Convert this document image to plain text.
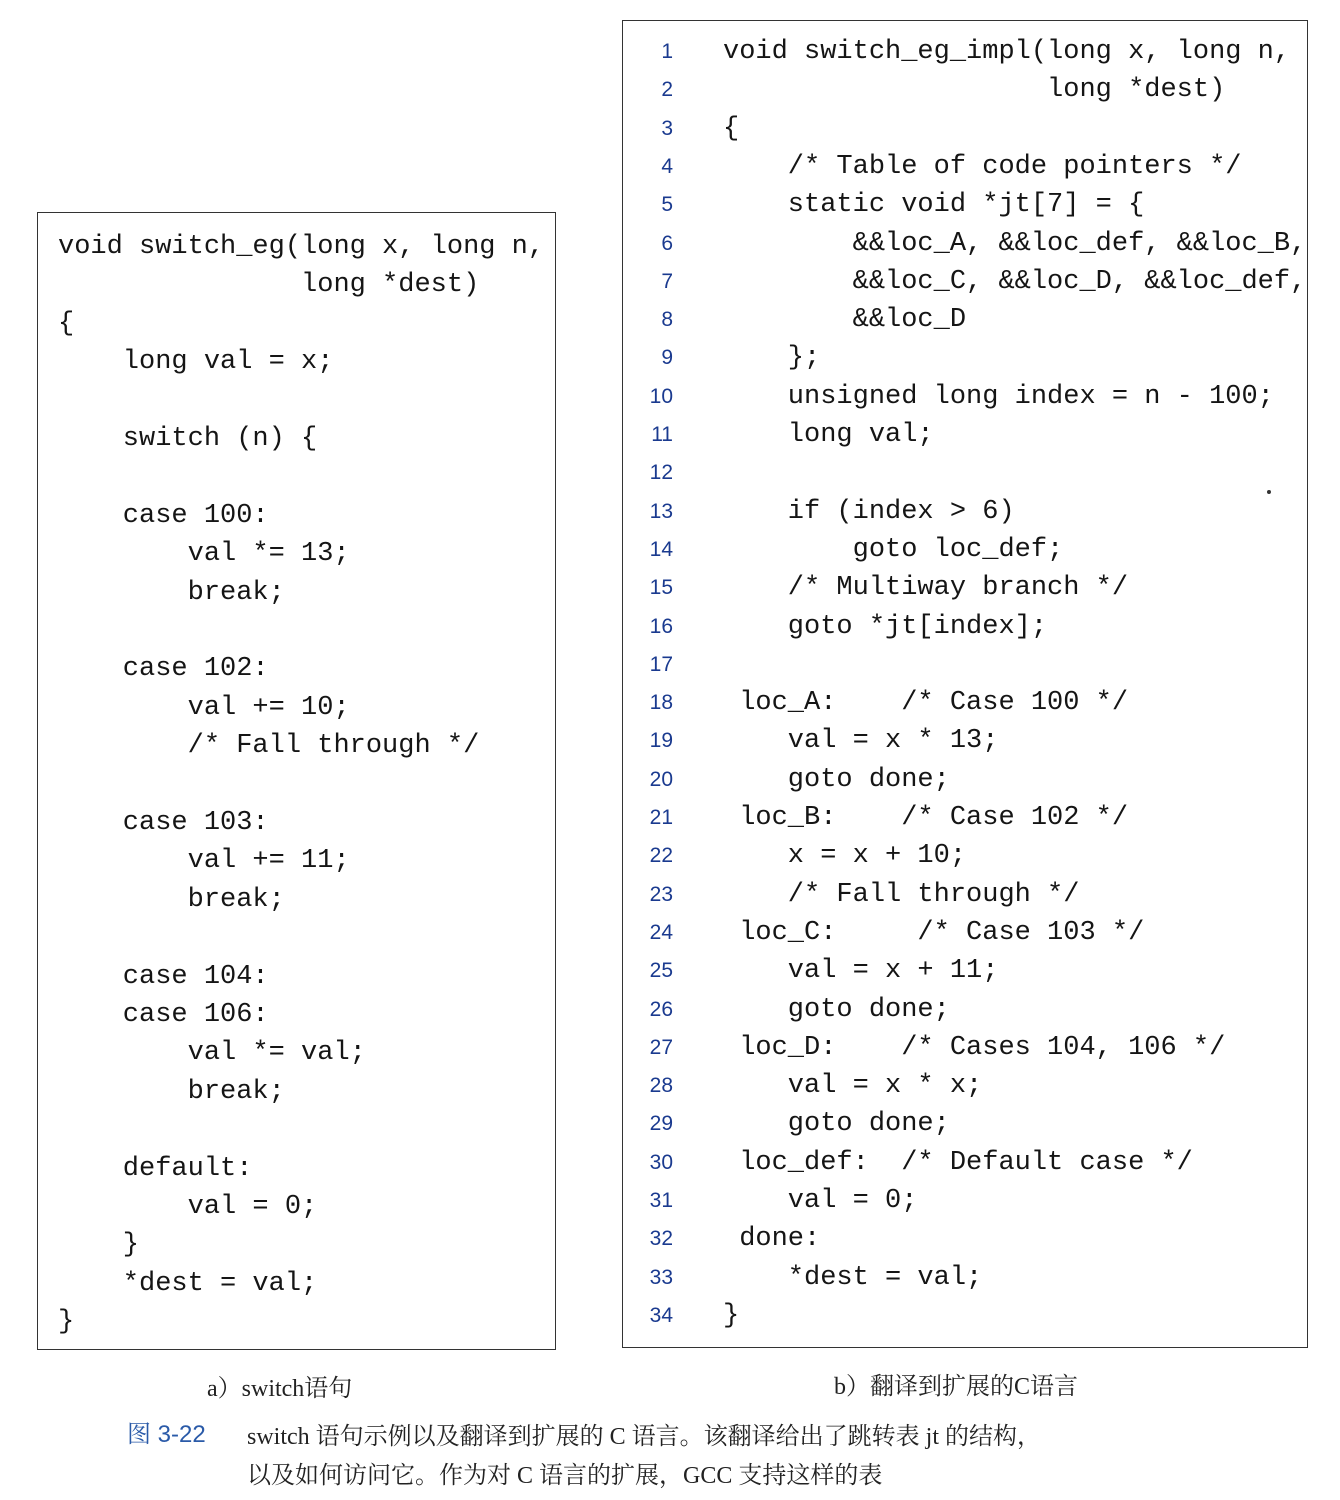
void switch_eg(long x, long n,
long *dest)
{
long val = x;
switch (n) {
case 100:
val *= 13;
break;
case 102:
val += 10;
/* Fall through */
case 103:
val += 11;
break;
case 104:
case 106:
val *= val;
break;
default:
val = 0;
}
*dest = val;
}
1 void switch_eg_impl(long x, long n,
2 long *dest)
3 {
4 /* Table of code pointers */
5 static void *jt[7] = {
6 &&loc_A, &&loc_def, &&loc_B,
7 &&loc_C, &&loc_D, &&loc_def,
8 &&loc_D
9 };
10 unsigned long index = n - 100;
11 long val;
12
13 if (index > 6)
14 goto loc_def;
15 /* Multiway branch */
16 goto *jt[index];
17
18 loc_A:    /* Case 100 */
19 val = x * 13;
20 goto done;
21 loc_B:    /* Case 102 */
22 x = x + 10;
23 /* Fall through */
24 loc_C:     /* Case 103 */
25 val = x + 11;
26 goto done;
27 loc_D:    /* Cases 104, 106 */
28 val = x * x;
29 goto done;
30 loc_def:  /* Default case */
31 val = 0;
32 done:
33 *dest = val;
34 }
a）switch语句	b）翻译到扩展的C语言
图 3-22 switch 语句示例以及翻译到扩展的 C 语言。该翻译给出了跳转表 jt 的结构，
以及如何访问它。作为对 C 语言的扩展，GCC 支持这样的表
